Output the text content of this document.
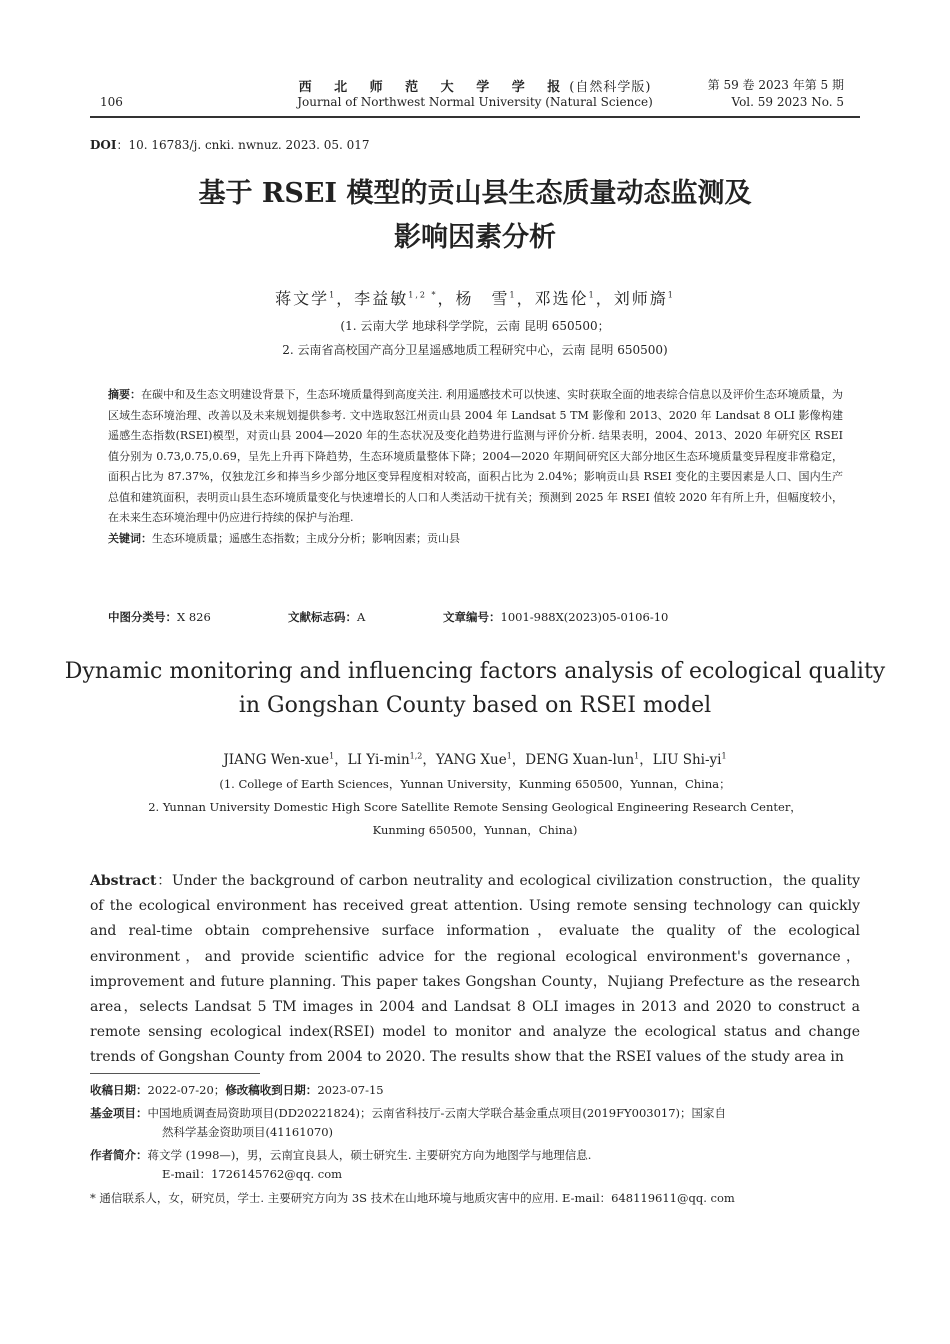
西 北 师 范 大 学 学 报(自然科学版)
Journal of Northwest Normal University (Natural Science)
106
第 59 卷 2023 年第 5 期
Vol. 59 2023 No. 5
DOI：10. 16783/j. cnki. nwnuz. 2023. 05. 017
基于 RSEI 模型的贡山县生态质量动态监测及
影响因素分析
蒋文学$^1$，李益敏$^{1,2 *}$，杨　雪$^1$，邓选伦$^1$，刘师旖$^1$
(1. 云南大学 地球科学学院，云南 昆明 650500；
2. 云南省高校国产高分卫星遥感地质工程研究中心，云南 昆明 650500)
摘要：在碳中和及生态文明建设背景下，生态环境质量得到高度关注. 利用遥感技术可以快速、实时获取全面的地表综合信息以及评价生态环境质量，为区域生态环境治理、改善以及未来规划提供参考. 文中选取怒江州贡山县 2004 年 Landsat 5 TM 影像和 2013、2020 年 Landsat 8 OLI 影像构建遥感生态指数(RSEI)模型，对贡山县 2004—2020 年的生态状况及变化趋势进行监测与评价分析. 结果表明，2004、2013、2020 年研究区 RSEI 值分别为 0.73,0.75,0.69，呈先上升再下降趋势，生态环境质量整体下降；2004—2020 年期间研究区大部分地区生态环境质量变异程度非常稳定，面积占比为 87.37%，仅独龙江乡和捧当乡少部分地区变异程度相对较高，面积占比为 2.04%；影响贡山县 RSEI 变化的主要因素是人口、国内生产总值和建筑面积，表明贡山县生态环境质量变化与快速增长的人口和人类活动干扰有关；预测到 2025 年 RSEI 值较 2020 年有所上升，但幅度较小，在未来生态环境治理中仍应进行持续的保护与治理.
关键词：生态环境质量；遥感生态指数；主成分分析；影响因素；贡山县
中图分类号：X 826	文献标志码：A	文章编号：1001-988Ⅹ(2023)05-0106-10
Dynamic monitoring and influencing factors analysis of ecological quality
in Gongshan County based on RSEI model
JIANG Wen-xue$^1$，LI $Yi-\min^{1,2}$，YANG Xue$^1$，DENG Xuan-lun$^1$，LIU Shi-$yi^1$
(1. College of Earth Sciences，Yunnan University，Kunming 650500，Yunnan，China；
2. Yunnan University Domestic High Score Satellite Remote Sensing Geological Engineering Research Center，
Kunming 650500，Yunnan，China)
Abstract：Under the background of carbon neutrality and ecological civilization construction，the quality of the ecological environment has received great attention. Using remote sensing technology can quickly and real-time obtain comprehensive surface information，evaluate the quality of the ecological environment，and provide scientific advice for the regional ecological environment's governance，improvement and future planning. This paper takes Gongshan County，Nujiang Prefecture as the research area，selects Landsat 5 TM images in 2004 and Landsat 8 OLI images in 2013 and 2020 to construct a remote sensing ecological index(RSEI) model to monitor and analyze the ecological status and change trends of Gongshan County from 2004 to 2020. The results show that the RSEI values of the study area in
收稿日期：2022-07-20；修改稿收到日期：2023-07-15
基金项目：中国地质调查局资助项目(DD20221824)；云南省科技厅-云南大学联合基金重点项目(2019FY003017)；国家自
然科学基金资助项目(41161070)
作者简介：蒋文学 (1998—)，男，云南宜良县人，硕士研究生. 主要研究方向为地图学与地理信息.
E-mail：1726145762@qq. com
* 通信联系人，女，研究员，学士. 主要研究方向为 3S 技术在山地环境与地质灾害中的应用. E-mail：648119611@qq. com
